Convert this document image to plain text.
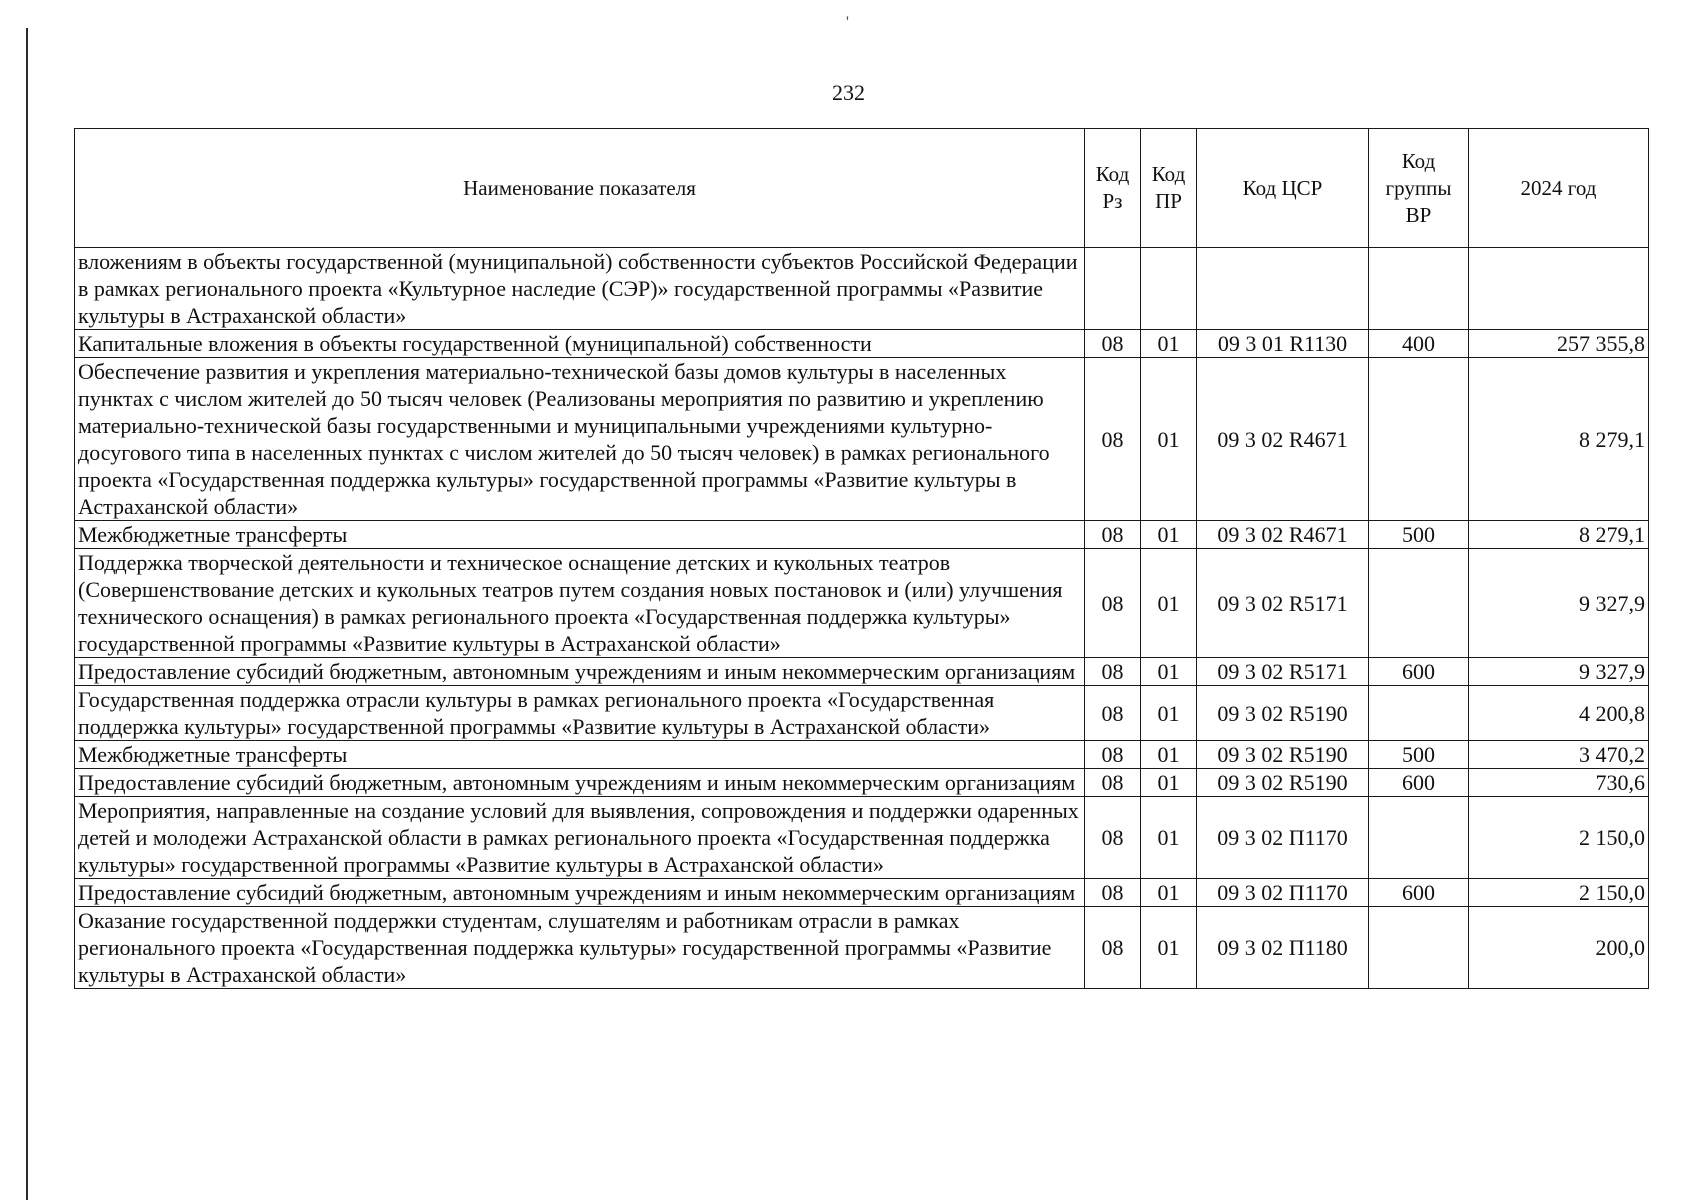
'
232
Наименование показателя	Код Рз	Код ПР	Код ЦСР	Код группы ВР	2024 год
вложениям в объекты государственной (муниципальной) собственности субъектов Российской Федерации в рамках регионального проекта «Культурное наследие (СЭР)» государственной программы «Развитие культуры в Астраханской области»					
Капитальные вложения в объекты государственной (муниципальной) собственности	08	01	09 3 01 R1130	400	257 355,8
Обеспечение развития и укрепления материально-технической базы домов культуры в населенных пунктах с числом жителей до 50 тысяч человек (Реализованы мероприятия по развитию и укреплению материально-технической базы государственными и муниципальными учреждениями культурно-досугового типа в населенных пунктах с числом жителей до 50 тысяч человек) в рамках регионального проекта «Государственная поддержка культуры» государственной программы «Развитие культуры в Астраханской области»	08	01	09 3 02 R4671		8 279,1
Межбюджетные трансферты	08	01	09 3 02 R4671	500	8 279,1
Поддержка творческой деятельности и техническое оснащение детских и кукольных театров (Совершенствование детских и кукольных театров путем создания новых постановок и (или) улучшения технического оснащения) в рамках регионального проекта «Государственная поддержка культуры» государственной программы «Развитие культуры в Астраханской области»	08	01	09 3 02 R5171		9 327,9
Предоставление субсидий бюджетным, автономным учреждениям и иным некоммерческим организациям	08	01	09 3 02 R5171	600	9 327,9
Государственная поддержка отрасли культуры в рамках регионального проекта «Государственная поддержка культуры» государственной программы «Развитие культуры в Астраханской области»	08	01	09 3 02 R5190		4 200,8
Межбюджетные трансферты	08	01	09 3 02 R5190	500	3 470,2
Предоставление субсидий бюджетным, автономным учреждениям и иным некоммерческим организациям	08	01	09 3 02 R5190	600	730,6
Мероприятия, направленные на создание условий для выявления, сопровождения и поддержки одаренных детей и молодежи Астраханской области в рамках регионального проекта «Государственная поддержка культуры» государственной программы «Развитие культуры в Астраханской области»	08	01	09 3 02 П1170		2 150,0
Предоставление субсидий бюджетным, автономным учреждениям и иным некоммерческим организациям	08	01	09 3 02 П1170	600	2 150,0
Оказание государственной поддержки студентам, слушателям и работникам отрасли в рамках регионального проекта «Государственная поддержка культуры» государственной программы «Развитие культуры в Астраханской области»	08	01	09 3 02 П1180		200,0
